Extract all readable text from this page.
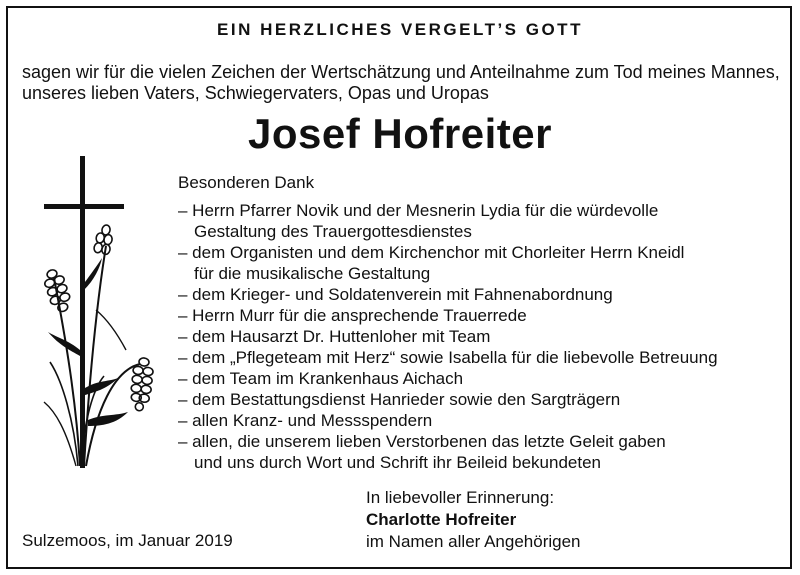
EIN HERZLICHES VERGELT’S GOTT
sagen wir für die vielen Zeichen der Wertschätzung und Anteilnahme zum Tod meines Mannes,
unseres lieben Vaters, Schwiegervaters, Opas und Uropas
Josef Hofreiter
Besonderen Dank
– Herrn Pfarrer Novik und der Mesnerin Lydia für die würdevolle
Gestaltung des Trauergottesdienstes
– dem Organisten und dem Kirchenchor mit Chorleiter Herrn Kneidl
für die musikalische Gestaltung
– dem Krieger- und Soldatenverein mit Fahnenabordnung
– Herrn Murr für die ansprechende Trauerrede
– dem Hausarzt Dr. Huttenloher mit Team
– dem „Pflegeteam mit Herz“ sowie Isabella für die liebevolle Betreuung
– dem Team im Krankenhaus Aichach
– dem Bestattungsdienst Hanrieder sowie den Sargträgern
– allen Kranz- und Messspendern
– allen, die unserem lieben Verstorbenen das letzte Geleit gaben
und uns durch Wort und Schrift ihr Beileid bekundeten
Sulzemoos, im Januar 2019
In liebevoller Erinnerung:
Charlotte Hofreiter
im Namen aller Angehörigen
